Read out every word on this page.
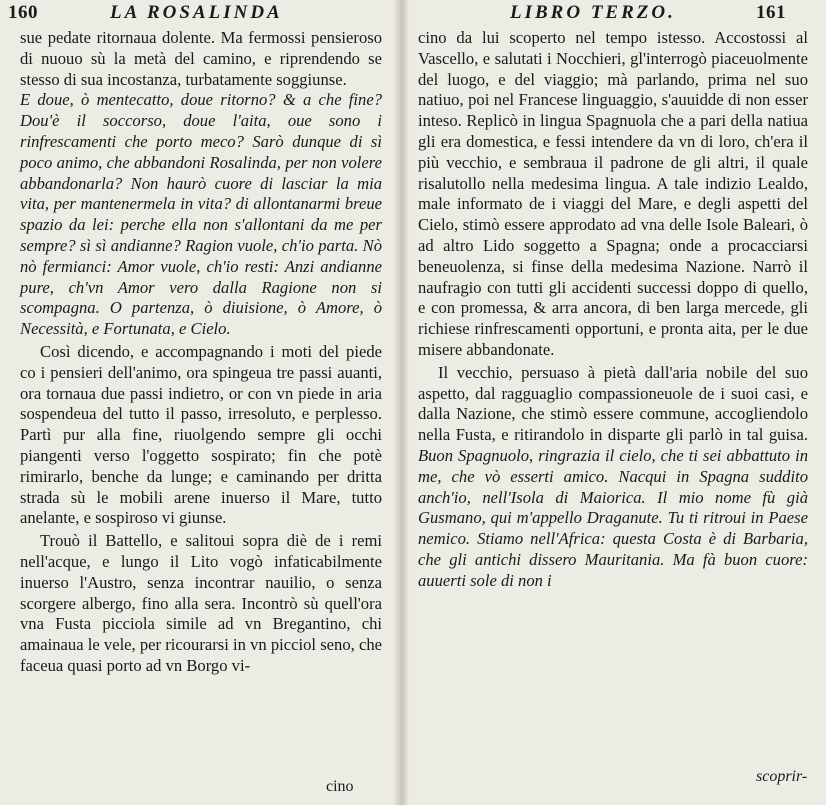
160	LA ROSALINDA

sue pedate ritornaua dolente. Ma fermossi pensieroso di nuouo sù la metà del camino, e riprendendo se stesso di sua incostanza, turbatamente soggiunse.

E doue, ò mentecatto, doue ritorno? & a che fine? Dou'è il soccorso, doue l'aita, oue sono i rinfrescamenti che porto meco? Sarò dunque di sì poco animo, che abbandoni Rosalinda, per non volere abbandonarla? Non haurò cuore di lasciar la mia vita, per mantenermela in vita? di allontanarmi breue spazio da lei: perche ella non s'allontani da me per sempre? sì sì andianne? Ragion vuole, ch'io parta. Nò nò fermianci: Amor vuole, ch'io resti: Anzi andianne pure, ch'vn Amor vero dalla Ragione non si scompagna. O partenza, ò diuisione, ò Amore, ò Necessità, e Fortunata, e Cielo.

Così dicendo, e accompagnando i moti del piede co i pensieri dell'animo, ora spingeua tre passi auanti, ora tornaua due passi indietro, or con vn piede in aria sospendeua del tutto il passo, irresoluto, e perplesso. Partì pur alla fine, riuolgendo sempre gli occhi piangenti verso l'oggetto sospirato; fin che potè rimirarlo, benche da lunge; e caminando per dritta strada sù le mobili arene inuerso il Mare, tutto anelante, e sospiroso vi giunse.

Trouò il Battello, e salitoui sopra diè de i remi nell'acque, e lungo il Lito vogò infaticabilmente inuerso l'Austro, senza incontrar nauilio, o senza scorgere albergo, fino alla sera. Incontrò sù quell'ora vna Fusta picciola simile ad vn Bregantino, chi amainaua le vele, per ricourarsi in vn picciol seno, che faceua quasi porto ad vn Borgo vi-

cino
LIBRO TERZO.	161

cino da lui scoperto nel tempo istesso. Accostossi al Vascello, e salutati i Nocchieri, gl'interrogò piaceuolmente del luogo, e del viaggio; mà parlando, prima nel suo natiuo, poi nel Francese linguaggio, s'auuidde di non esser inteso. Replicò in lingua Spagnuola che a pari della natiua gli era domestica, e fessi intendere da vn di loro, ch'era il più vecchio, e sembraua il padrone de gli altri, il quale risalutollo nella medesima lingua. A tale indizio Lealdo, male informato de i viaggi del Mare, e degli aspetti del Cielo, stimò essere approdato ad vna delle Isole Baleari, ò ad altro Lido soggetto a Spagna; onde a procacciarsi beneuolenza, si finse della medesima Nazione. Narrò il naufragio con tutti gli accidenti successi doppo di quello, e con promessa, & arra ancora, di ben larga mercede, gli richiese rinfrescamenti opportuni, e pronta aita, per le due misere abbandonate.

Il vecchio, persuaso à pietà dall'aria nobile del suo aspetto, dal ragguaglio compassioneuole de i suoi casi, e dalla Nazione, che stimò essere commune, accogliendolo nella Fusta, e ritirandolo in disparte gli parlò in tal guisa. Buon Spagnuolo, ringrazia il cielo, che ti sei abbattuto in me, che vò esserti amico. Nacqui in Spagna suddito anch'io, nell'Isola di Maiorica. Il mio nome fù già Gusmano, qui m'appello Draganute. Tu ti ritroui in Paese nemico. Stiamo nell'Africa: questa Costa è di Barbaria, che gli antichi dissero Mauritania. Ma fà buon cuore: auuerti sole di non i

scoprir-
